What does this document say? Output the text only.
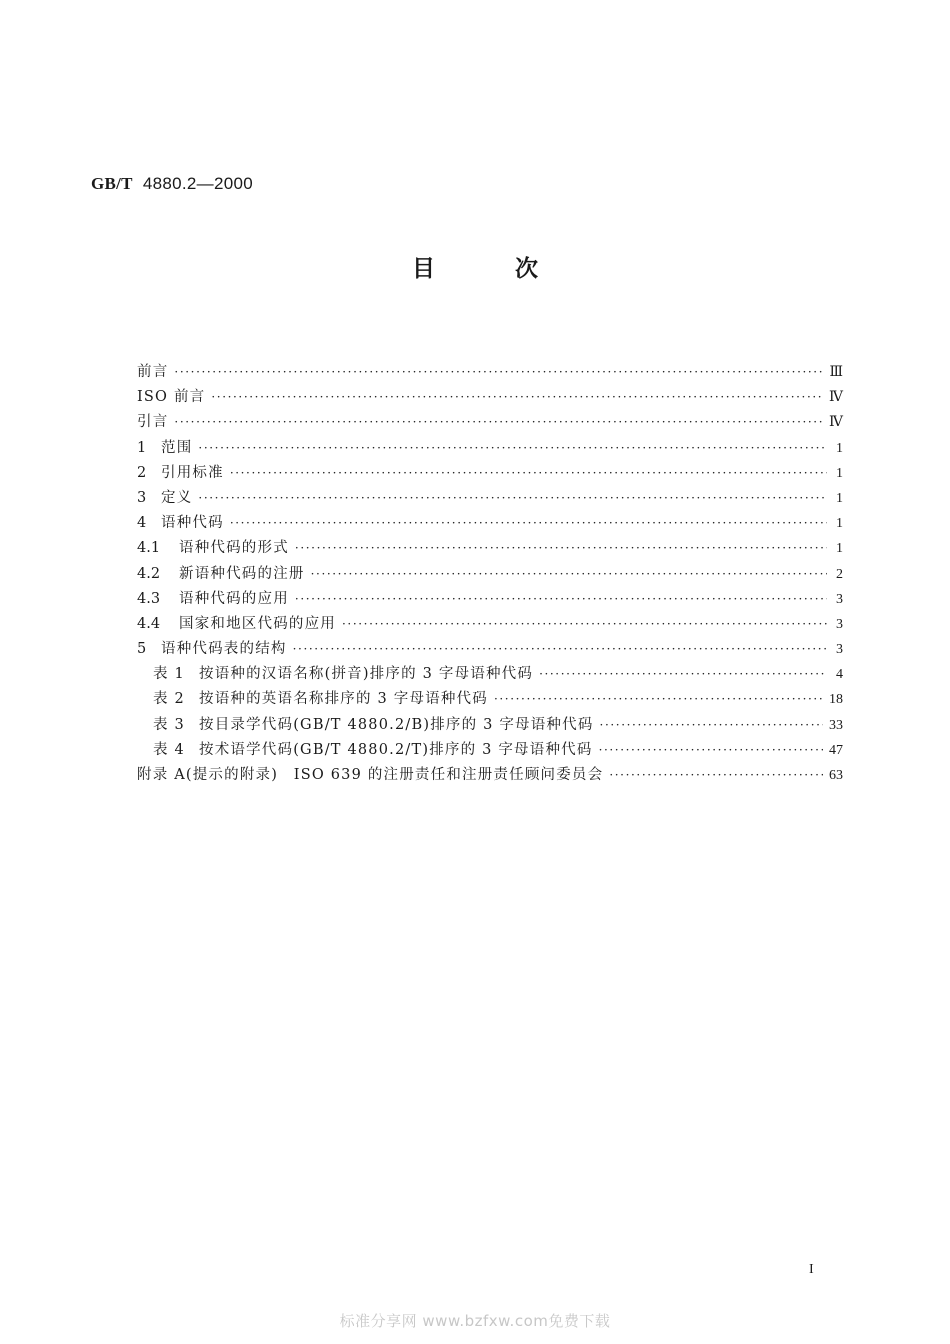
GB/T 4880.2—2000
目次
前言 ·····	Ⅲ
ISO 前言 ·····	Ⅳ
引言 ·····	Ⅳ
1	范围 ·····	1
2	引用标准 ·····	1
3	定义 ·····	1
4	语种代码 ·····	1
4.1	语种代码的形式 ·····	1
4.2	新语种代码的注册 ·····	2
4.3	语种代码的应用 ·····	3
4.4	国家和地区代码的应用 ·····	3
5	语种代码表的结构 ·····	3
表 1 按语种的汉语名称(拼音)排序的 3 字母语种代码 ·····	4
表 2 按语种的英语名称排序的 3 字母语种代码 ·····	18
表 3 按目录学代码(GB/T 4880.2/B)排序的 3 字母语种代码 ·····	33
表 4 按术语学代码(GB/T 4880.2/T)排序的 3 字母语种代码 ·····	47
附录 A(提示的附录)　ISO 639 的注册责任和注册责任顾问委员会 ·····	63
I
标准分享网 www.bzfxw.com免费下载
